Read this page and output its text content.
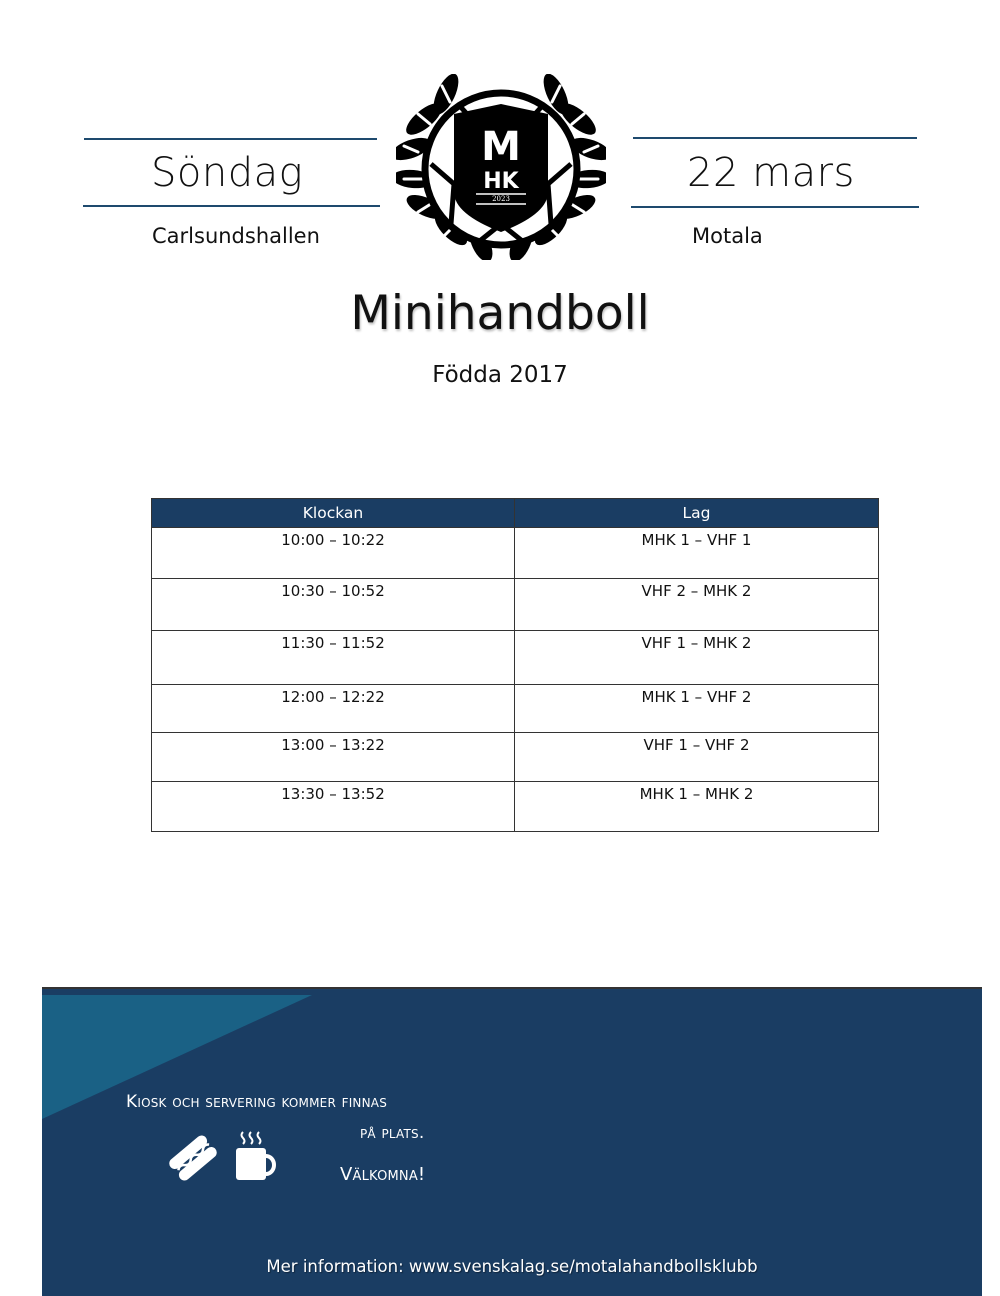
Söndag
Carlsundshallen
22 mars
Motala
M
HK
2023
Minihandboll
Födda 2017
Klockan	Lag
10:00 – 10:22	MHK 1 – VHF 1
10:30 – 10:52	VHF 2 – MHK 2
11:30 – 11:52	VHF 1 – MHK 2
12:00 – 12:22	MHK 1 – VHF 2
13:00 – 13:22	VHF 1 – VHF 2
13:30 – 13:52	MHK 1 – MHK 2
Kiosk och servering kommer finnas
på plats.
Välkomna!
Mer information: www.svenskalag.se/motalahandbollsklubb
